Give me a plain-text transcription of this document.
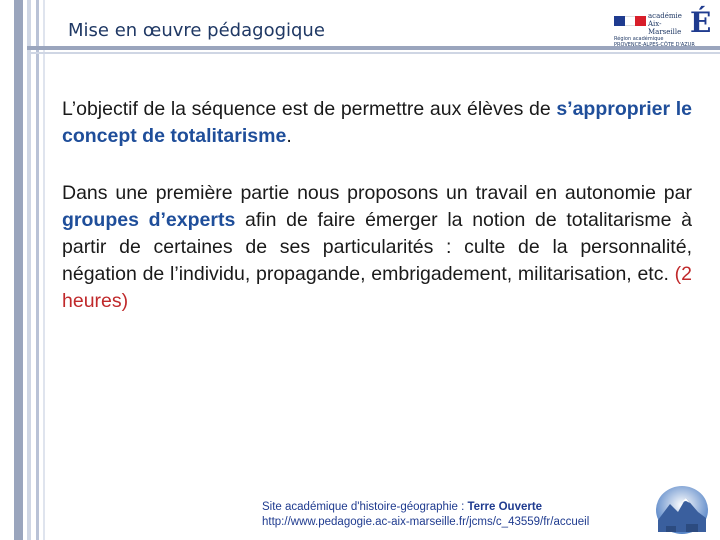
Mise en œuvre pédagogique
académie
Aix-Marseille É
Région académique
PROVENCE-ALPES-CÔTE D'AZUR
L’objectif de la séquence est de permettre aux élèves de s’approprier le concept de totalitarisme.
Dans une première partie nous proposons un travail en autonomie par groupes d’experts afin de faire émerger la notion de totalitarisme à partir de certaines de ses particularités : culte de la personnalité, négation de l’individu, propagande, embrigadement, militarisation, etc. (2 heures)
Site académique d'histoire-géographie : Terre Ouverte
http://www.pedagogie.ac-aix-marseille.fr/jcms/c_43559/fr/accueil
